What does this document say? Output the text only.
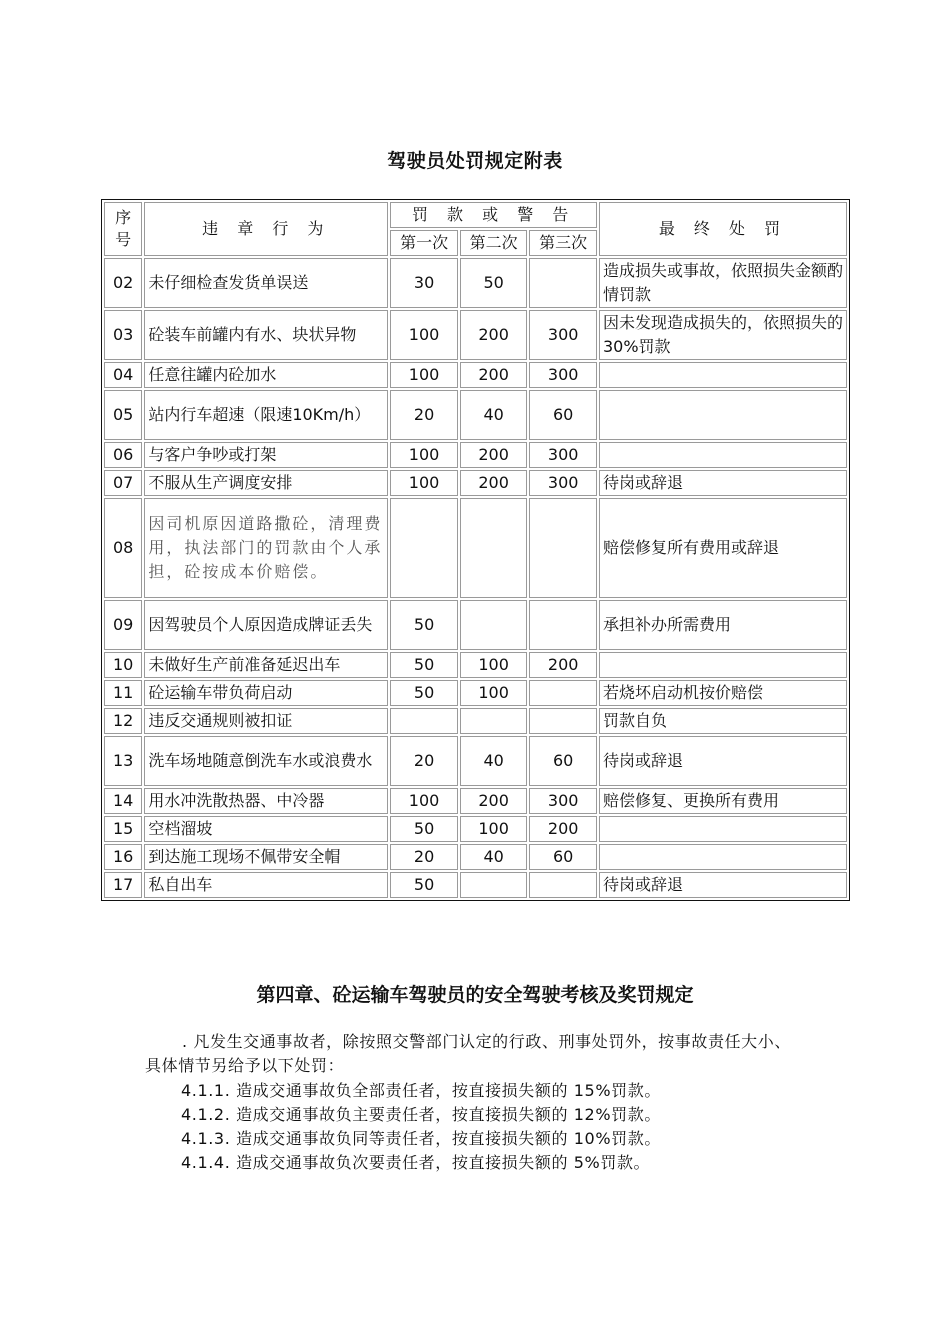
驾驶员处罚规定附表
序号	违 章 行 为	罚 款 或 警 告			最 终 处 罚
		第一次	第二次	第三次	
02	未仔细检查发货单误送	30	50		造成损失或事故，依照损失金额酌情罚款
03	砼装车前罐内有水、块状异物	100	200	300	因未发现造成损失的，依照损失的 30%罚款
04	任意往罐内砼加水	100	200	300	
05	站内行车超速（限速10Km/h）	20	40	60	
06	与客户争吵或打架	100	200	300	
07	不服从生产调度安排	100	200	300	待岗或辞退
08	因司机原因道路撒砼，清理费用，执法部门的罚款由个人承担，砼按成本价赔偿。				赔偿修复所有费用或辞退
09	因驾驶员个人原因造成牌证丢失	50			承担补办所需费用
10	未做好生产前准备延迟出车	50	100	200	
11	砼运输车带负荷启动	50	100		若烧坏启动机按价赔偿
12	违反交通规则被扣证				罚款自负
13	洗车场地随意倒洗车水或浪费水	20	40	60	待岗或辞退
14	用水冲洗散热器、中冷器	100	200	300	赔偿修复、更换所有费用
15	空档溜坡	50	100	200	
16	到达施工现场不佩带安全帽	20	40	60	
17	私自出车	50			待岗或辞退
第四章、砼运输车驾驶员的安全驾驶考核及奖罚规定
. 凡发生交通事故者，除按照交警部门认定的行政、刑事处罚外，按事故责任大小、具体情节另给予以下处罚：
4.1.1. 造成交通事故负全部责任者，按直接损失额的 15%罚款。
4.1.2. 造成交通事故负主要责任者，按直接损失额的 12%罚款。
4.1.3. 造成交通事故负同等责任者，按直接损失额的 10%罚款。
4.1.4. 造成交通事故负次要责任者，按直接损失额的 5%罚款。
